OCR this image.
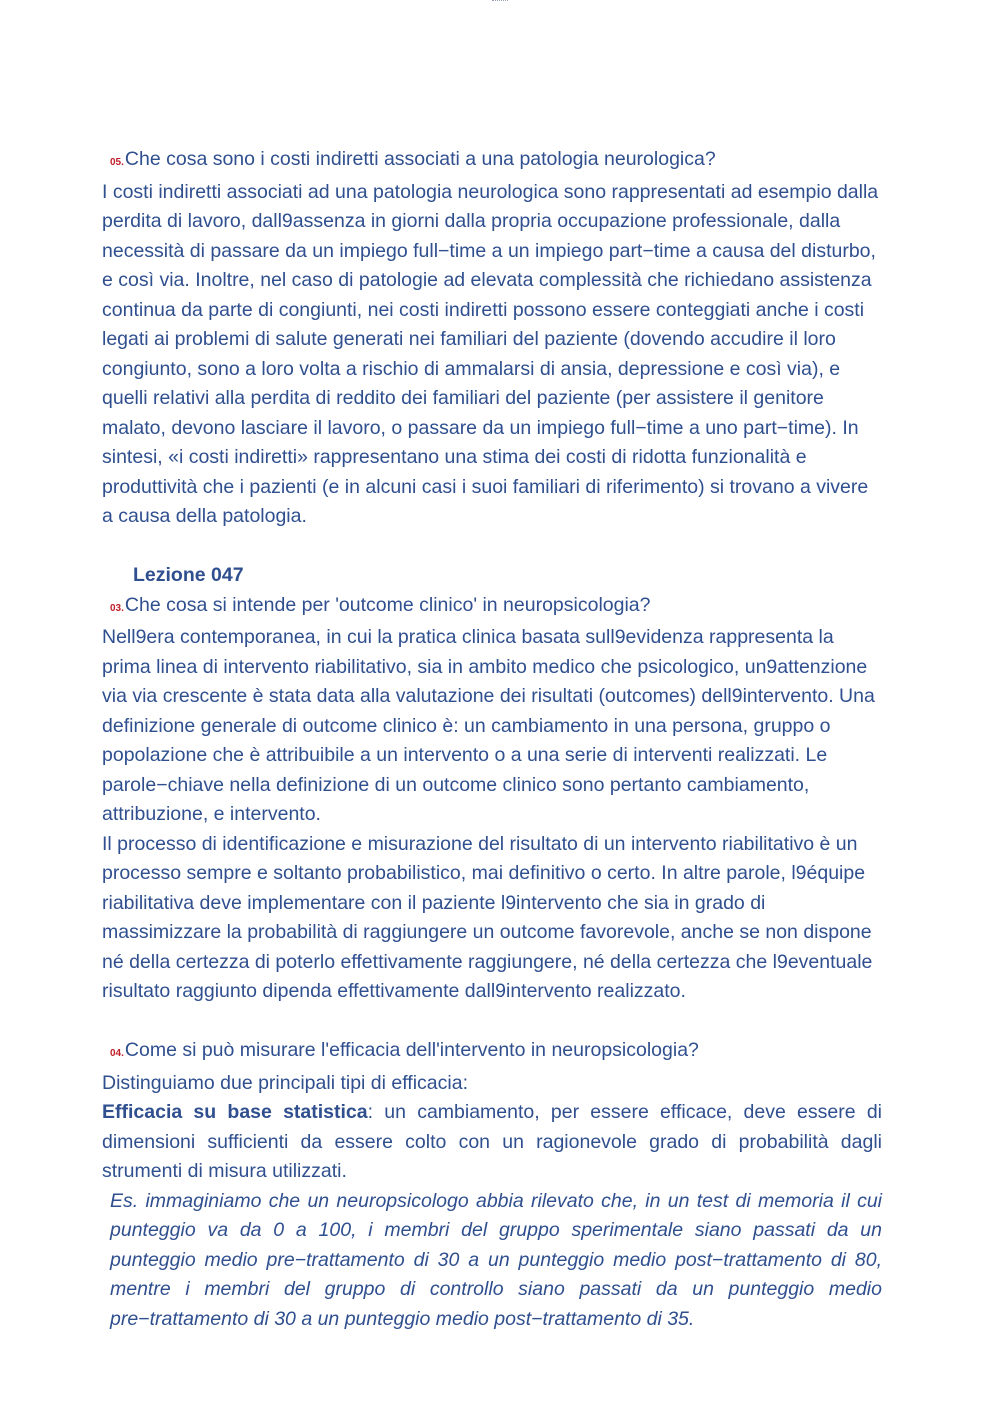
05.Che cosa sono i costi indiretti associati a una patologia neurologica?

I costi indiretti associati ad una patologia neurologica sono rappresentati ad esempio dalla perdita di lavoro, dall9assenza in giorni dalla propria occupazione professionale, dalla necessità di passare da un impiego full−time a un impiego part−time a causa del disturbo, e così via. Inoltre, nel caso di patologie ad elevata complessità che richiedano assistenza continua da parte di congiunti, nei costi indiretti possono essere conteggiati anche i costi legati ai problemi di salute generati nei familiari del paziente (dovendo accudire il loro congiunto, sono a loro volta a rischio di ammalarsi di ansia, depressione e così via), e quelli relativi alla perdita di reddito dei familiari del paziente (per assistere il genitore malato, devono lasciare il lavoro, o passare da un impiego full−time a uno part−time). In sintesi, «i costi indiretti» rappresentano una stima dei costi di ridotta funzionalità e produttività che i pazienti (e in alcuni casi i suoi familiari di riferimento) si trovano a vivere a causa della patologia.

Lezione 047

03.Che cosa si intende per 'outcome clinico' in neuropsicologia?

Nell9era contemporanea, in cui la pratica clinica basata sull9evidenza rappresenta la prima linea di intervento riabilitativo, sia in ambito medico che psicologico, un9attenzione via via crescente è stata data alla valutazione dei risultati (outcomes) dell9intervento. Una definizione generale di outcome clinico è: un cambiamento in una persona, gruppo o popolazione che è attribuibile a un intervento o a una serie di interventi realizzati. Le parole−chiave nella definizione di un outcome clinico sono pertanto cambiamento, attribuzione, e intervento.

Il processo di identificazione e misurazione del risultato di un intervento riabilitativo è un processo sempre e soltanto probabilistico, mai definitivo o certo. In altre parole, l9équipe riabilitativa deve implementare con il paziente l9intervento che sia in grado di massimizzare la probabilità di raggiungere un outcome favorevole, anche se non dispone né della certezza di poterlo effettivamente raggiungere, né della certezza che l9eventuale risultato raggiunto dipenda effettivamente dall9intervento realizzato.

04.Come si può misurare l'efficacia dell'intervento in neuropsicologia?

Distinguiamo due principali tipi di efficacia:

Efficacia su base statistica: un cambiamento, per essere efficace, deve essere di dimensioni sufficienti da essere colto con un ragionevole grado di probabilità dagli strumenti di misura utilizzati.

Es. immaginiamo che un neuropsicologo abbia rilevato che, in un test di memoria il cui punteggio va da 0 a 100, i membri del gruppo sperimentale siano passati da un punteggio medio pre−trattamento di 30 a un punteggio medio post−trattamento di 80, mentre i membri del gruppo di controllo siano passati da un punteggio medio pre−trattamento di 30 a un punteggio medio post−trattamento di 35.
